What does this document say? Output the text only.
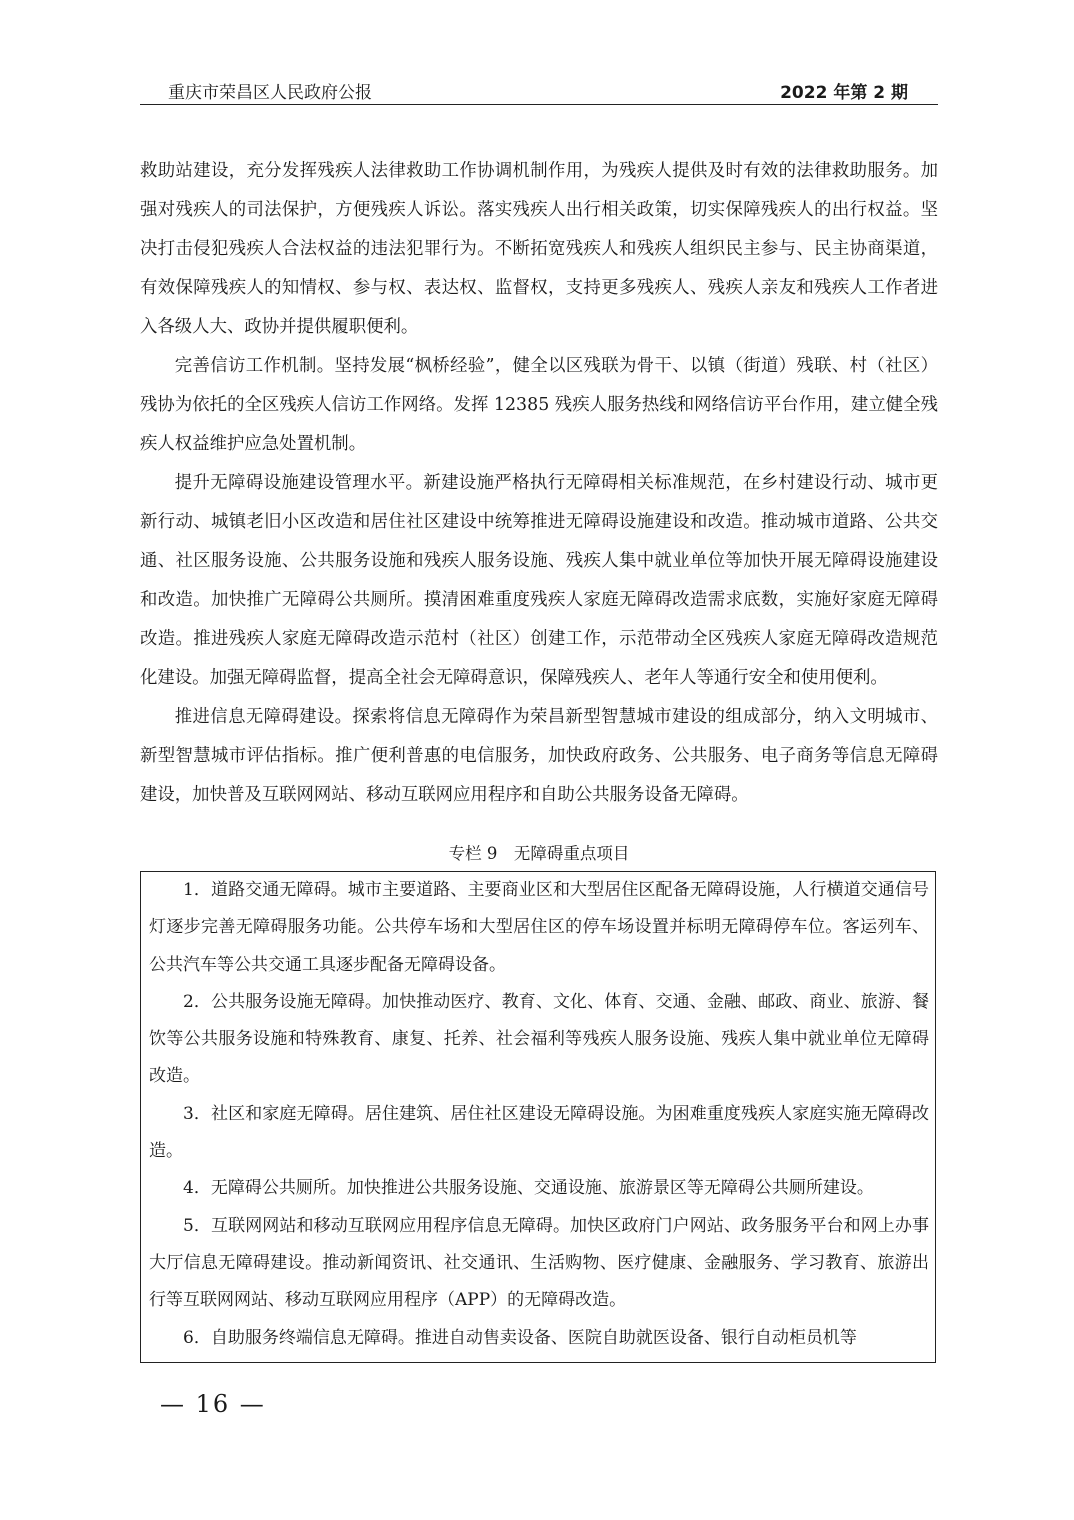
重庆市荣昌区人民政府公报	2022 年第 2 期

救助站建设，充分发挥残疾人法律救助工作协调机制作用，为残疾人提供及时有效的法律救助服务。加强对残疾人的司法保护，方便残疾人诉讼。落实残疾人出行相关政策，切实保障残疾人的出行权益。坚决打击侵犯残疾人合法权益的违法犯罪行为。不断拓宽残疾人和残疾人组织民主参与、民主协商渠道，有效保障残疾人的知情权、参与权、表达权、监督权，支持更多残疾人、残疾人亲友和残疾人工作者进入各级人大、政协并提供履职便利。

完善信访工作机制。坚持发展“枫桥经验”，健全以区残联为骨干、以镇（街道）残联、村（社区）残协为依托的全区残疾人信访工作网络。发挥 12385 残疾人服务热线和网络信访平台作用，建立健全残疾人权益维护应急处置机制。

提升无障碍设施建设管理水平。新建设施严格执行无障碍相关标准规范，在乡村建设行动、城市更新行动、城镇老旧小区改造和居住社区建设中统筹推进无障碍设施建设和改造。推动城市道路、公共交通、社区服务设施、公共服务设施和残疾人服务设施、残疾人集中就业单位等加快开展无障碍设施建设和改造。加快推广无障碍公共厕所。摸清困难重度残疾人家庭无障碍改造需求底数，实施好家庭无障碍改造。推进残疾人家庭无障碍改造示范村（社区）创建工作，示范带动全区残疾人家庭无障碍改造规范化建设。加强无障碍监督，提高全社会无障碍意识，保障残疾人、老年人等通行安全和使用便利。

推进信息无障碍建设。探索将信息无障碍作为荣昌新型智慧城市建设的组成部分，纳入文明城市、新型智慧城市评估指标。推广便利普惠的电信服务，加快政府政务、公共服务、电子商务等信息无障碍建设，加快普及互联网网站、移动互联网应用程序和自助公共服务设备无障碍。

专栏 9　无障碍重点项目

1．道路交通无障碍。城市主要道路、主要商业区和大型居住区配备无障碍设施，人行横道交通信号灯逐步完善无障碍服务功能。公共停车场和大型居住区的停车场设置并标明无障碍停车位。客运列车、公共汽车等公共交通工具逐步配备无障碍设备。

2．公共服务设施无障碍。加快推动医疗、教育、文化、体育、交通、金融、邮政、商业、旅游、餐饮等公共服务设施和特殊教育、康复、托养、社会福利等残疾人服务设施、残疾人集中就业单位无障碍改造。

3．社区和家庭无障碍。居住建筑、居住社区建设无障碍设施。为困难重度残疾人家庭实施无障碍改造。

4．无障碍公共厕所。加快推进公共服务设施、交通设施、旅游景区等无障碍公共厕所建设。

5．互联网网站和移动互联网应用程序信息无障碍。加快区政府门户网站、政务服务平台和网上办事大厅信息无障碍建设。推动新闻资讯、社交通讯、生活购物、医疗健康、金融服务、学习教育、旅游出行等互联网网站、移动互联网应用程序（APP）的无障碍改造。

6．自助服务终端信息无障碍。推进自动售卖设备、医院自助就医设备、银行自动柜员机等

— 16 —
